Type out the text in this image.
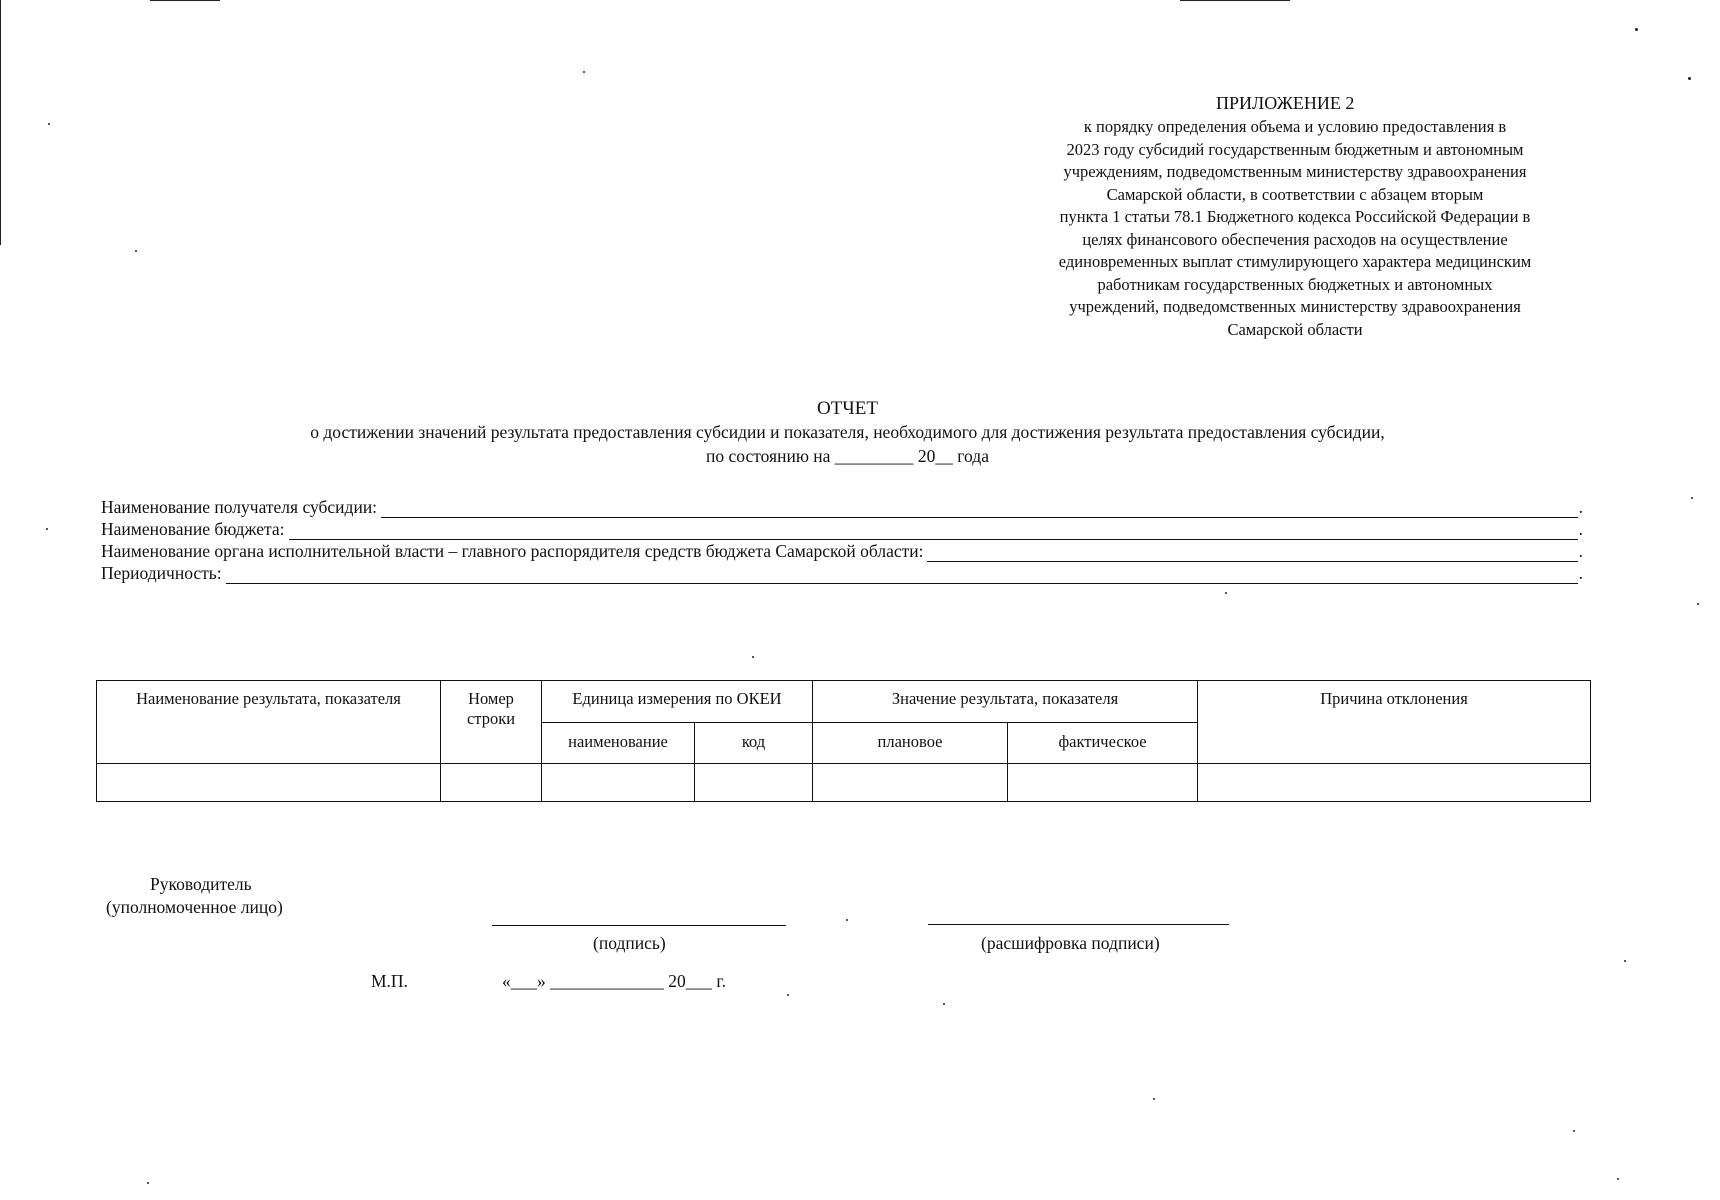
ПРИЛОЖЕНИЕ 2
к порядку определения объема и условию предоставления в
2023 году субсидий государственным бюджетным и автономным
учреждениям, подведомственным министерству здравоохранения
Самарской области, в соответствии с абзацем вторым
пункта 1 статьи 78.1 Бюджетного кодекса Российской Федерации в
целях финансового обеспечения расходов на осуществление
единовременных выплат стимулирующего характера медицинским
работникам государственных бюджетных и автономных
учреждений, подведомственных министерству здравоохранения
Самарской области
ОТЧЕТ
о достижении значений результата предоставления субсидии и показателя, необходимого для достижения результата предоставления субсидии,
по состоянию на _________ 20__ года
Наименование получателя субсидии:	.
Наименование бюджета:	.
Наименование органа исполнительной власти – главного распорядителя средств бюджета Самарской области:	.
Периодичность:	.
Наименование результата, показателя	Номер строки	Единица измерения по ОКЕИ		Значение результата, показателя		Причина отклонения
		наименование	код	плановое	фактическое	

Руководитель
(уполномоченное лицо)
(подпись)	(расшифровка подписи)
М.П.	«___» _____________ 20___ г.
